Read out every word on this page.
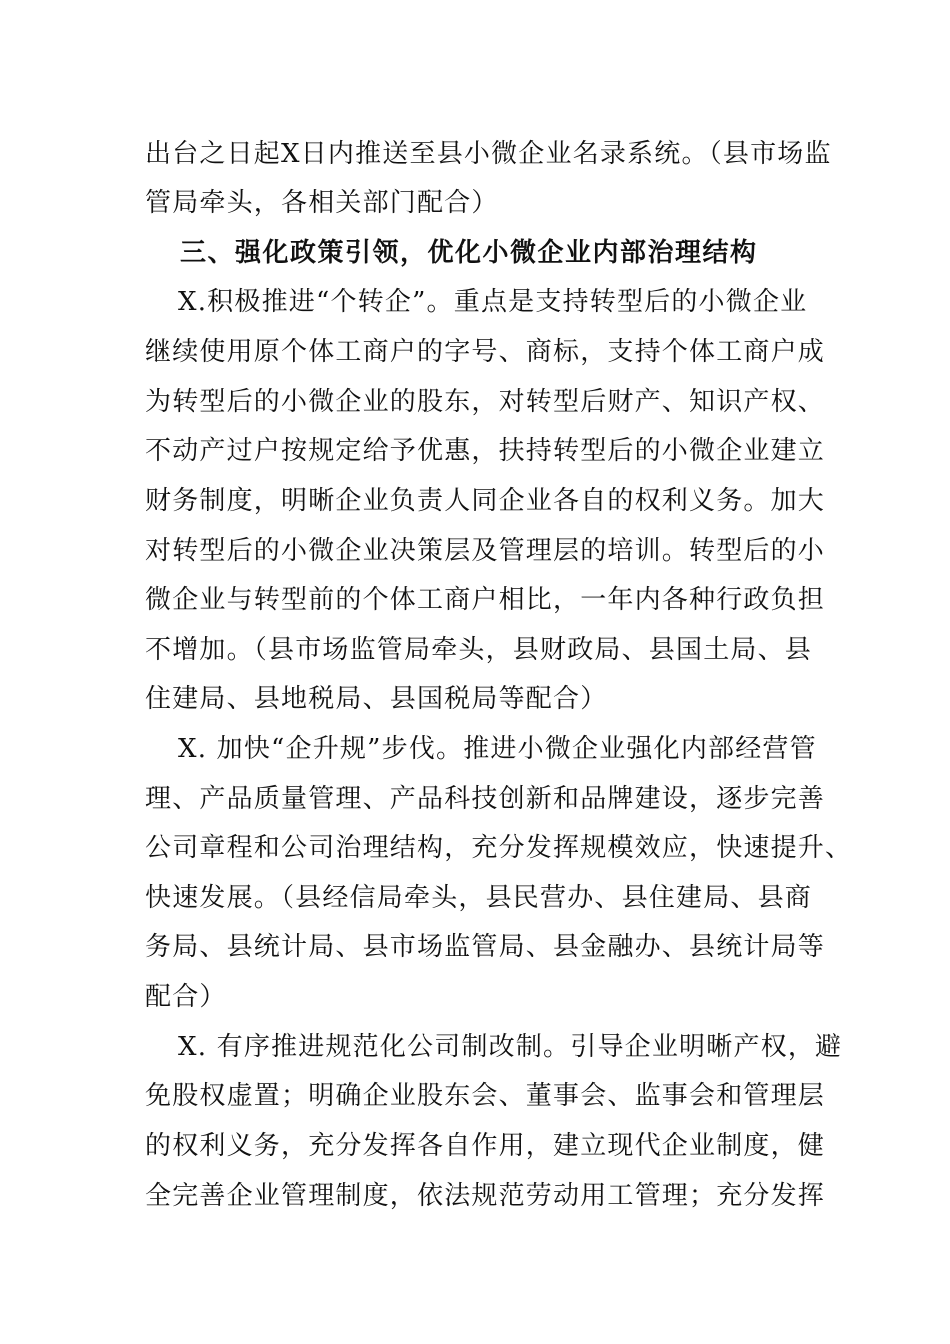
出台之日起X日内推送至县小微企业名录系统。（县市场监
管局牵头，各相关部门配合）
三、强化政策引领，优化小微企业内部治理结构
X.积极推进“个转企”。重点是支持转型后的小微企业
继续使用原个体工商户的字号、商标，支持个体工商户成
为转型后的小微企业的股东，对转型后财产、知识产权、
不动产过户按规定给予优惠，扶持转型后的小微企业建立
财务制度，明晰企业负责人同企业各自的权利义务。加大
对转型后的小微企业决策层及管理层的培训。转型后的小
微企业与转型前的个体工商户相比，一年内各种行政负担
不增加。（县市场监管局牵头，县财政局、县国土局、县
住建局、县地税局、县国税局等配合）
X. 加快“企升规”步伐。推进小微企业强化内部经营管
理、产品质量管理、产品科技创新和品牌建设，逐步完善
公司章程和公司治理结构，充分发挥规模效应，快速提升、
快速发展。（县经信局牵头，县民营办、县住建局、县商
务局、县统计局、县市场监管局、县金融办、县统计局等
配合）
X. 有序推进规范化公司制改制。引导企业明晰产权，避
免股权虚置；明确企业股东会、董事会、监事会和管理层
的权利义务，充分发挥各自作用，建立现代企业制度，健
全完善企业管理制度，依法规范劳动用工管理；充分发挥
